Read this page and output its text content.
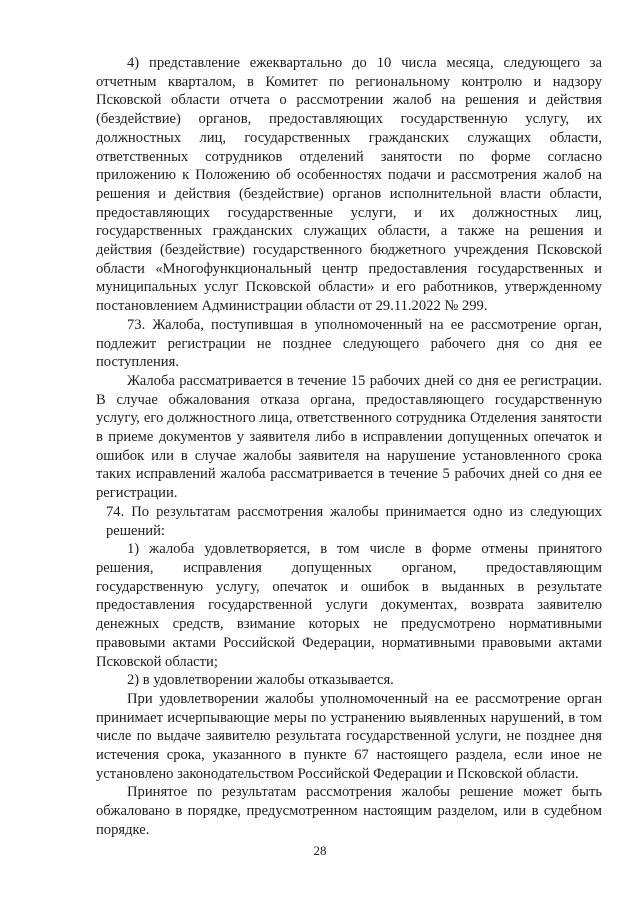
4) представление ежеквартально до 10 числа месяца, следующего за отчетным кварталом, в Комитет по региональному контролю и надзору Псковской области отчета о рассмотрении жалоб на решения и действия (бездействие) органов, предоставляющих государственную услугу, их должностных лиц, государственных гражданских служащих области, ответственных сотрудников отделений занятости по форме согласно приложению к Положению об особенностях подачи и рассмотрения жалоб на решения и действия (бездействие) органов исполнительной власти области, предоставляющих государственные услуги, и их должностных лиц, государственных гражданских служащих области, а также на решения и действия (бездействие) государственного бюджетного учреждения Псковской области «Многофункциональный центр предоставления государственных и муниципальных услуг Псковской области» и его работников, утвержденному постановлением Администрации области от 29.11.2022 № 299.

73. Жалоба, поступившая в уполномоченный на ее рассмотрение орган, подлежит регистрации не позднее следующего рабочего дня со дня ее поступления.

Жалоба рассматривается в течение 15 рабочих дней со дня ее регистрации. В случае обжалования отказа органа, предоставляющего государственную услугу, его должностного лица, ответственного сотрудника Отделения занятости в приеме документов у заявителя либо в исправлении допущенных опечаток и ошибок или в случае жалобы заявителя на нарушение установленного срока таких исправлений жалоба рассматривается в течение 5 рабочих дней со дня ее регистрации.

74. По результатам рассмотрения жалобы принимается одно из следующих решений:

1) жалоба удовлетворяется, в том числе в форме отмены принятого решения, исправления допущенных органом, предоставляющим государственную услугу, опечаток и ошибок в выданных в результате предоставления государственной услуги документах, возврата заявителю денежных средств, взимание которых не предусмотрено нормативными правовыми актами Российской Федерации, нормативными правовыми актами Псковской области;

2) в удовлетворении жалобы отказывается.

При удовлетворении жалобы уполномоченный на ее рассмотрение орган принимает исчерпывающие меры по устранению выявленных нарушений, в том числе по выдаче заявителю результата государственной услуги, не позднее дня истечения срока, указанного в пункте 67 настоящего раздела, если иное не установлено законодательством Российской Федерации и Псковской области.

Принятое по результатам рассмотрения жалобы решение может быть обжаловано в порядке, предусмотренном настоящим разделом, или в судебном порядке.

28
